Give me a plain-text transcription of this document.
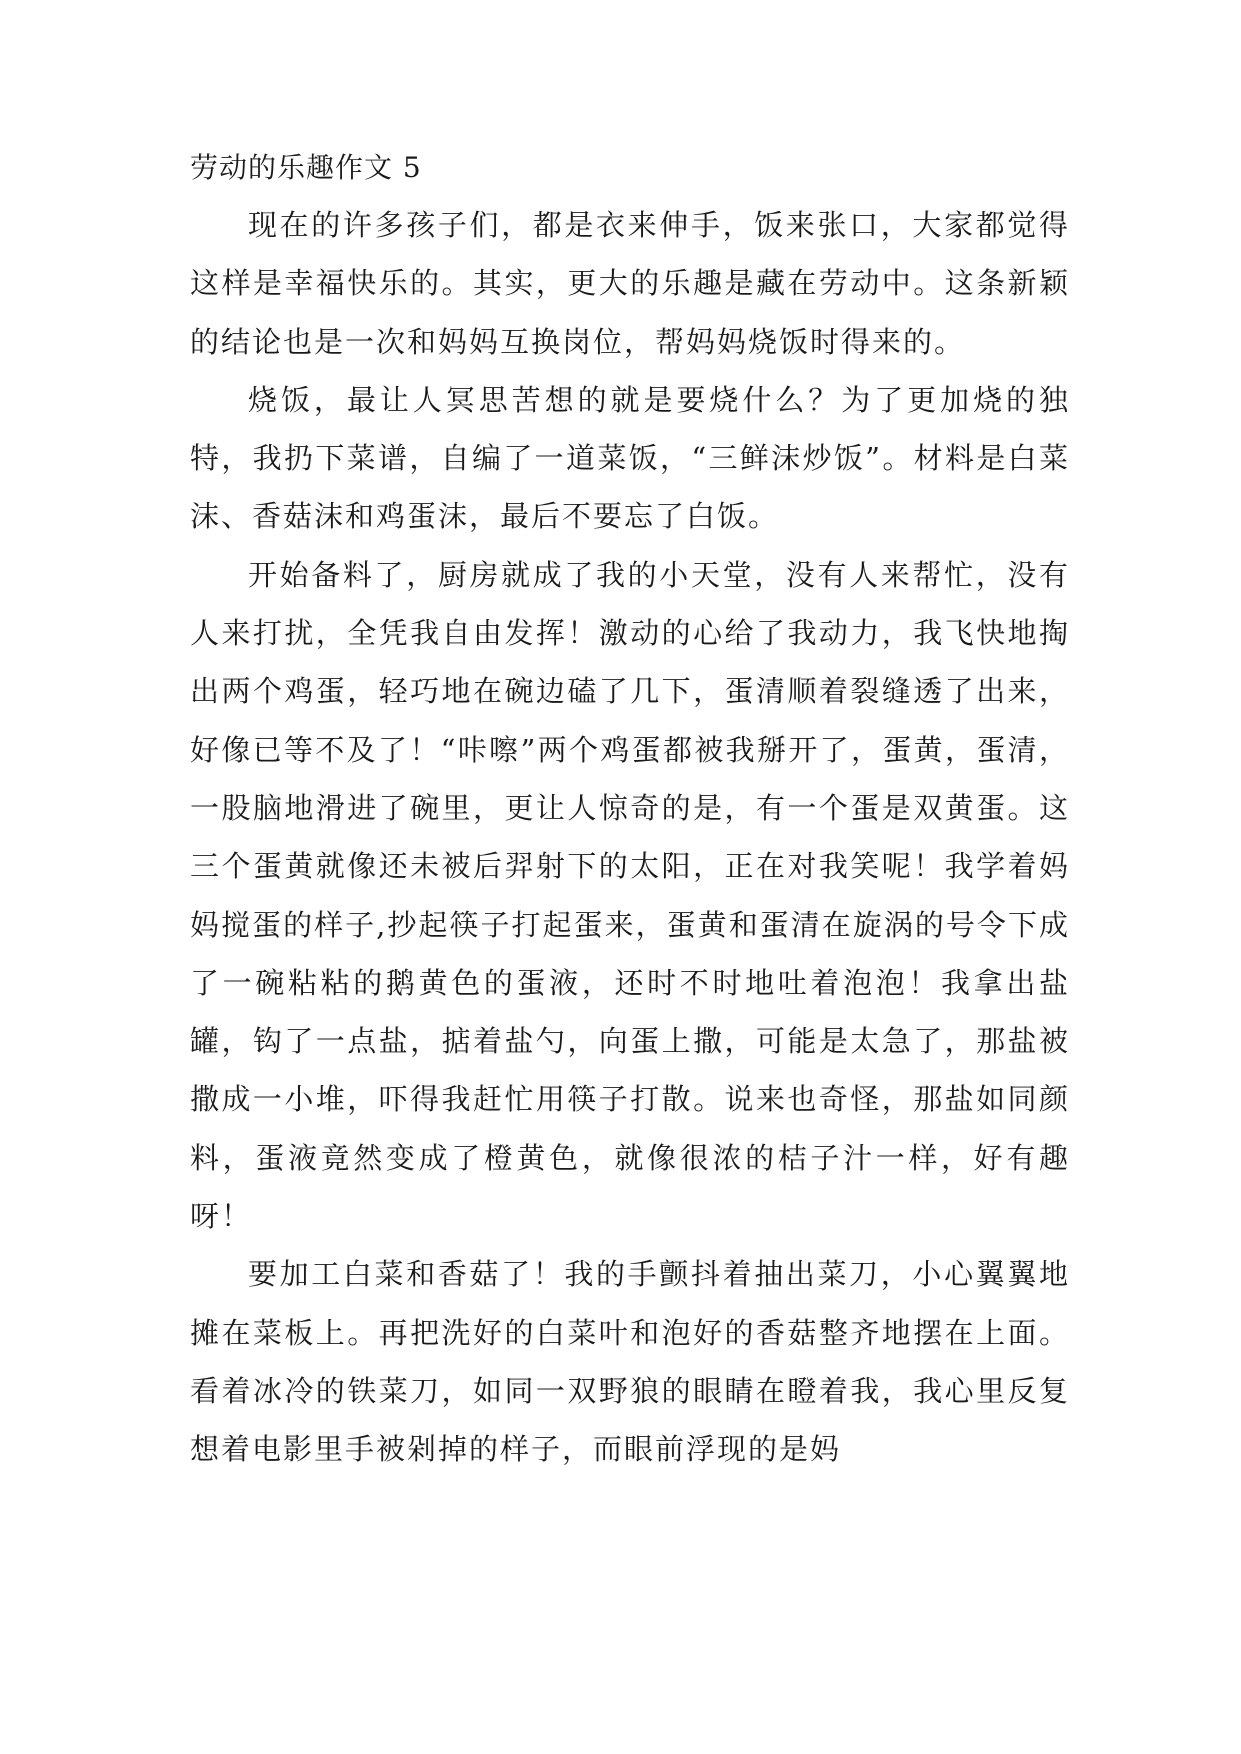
劳动的乐趣作文 5

现在的许多孩子们，都是衣来伸手，饭来张口，大家都觉得这样是幸福快乐的。其实，更大的乐趣是藏在劳动中。这条新颖的结论也是一次和妈妈互换岗位，帮妈妈烧饭时得来的。

烧饭，最让人冥思苦想的就是要烧什么？为了更加烧的独特，我扔下菜谱，自编了一道菜饭，“三鲜沫炒饭”。材料是白菜沫、香菇沫和鸡蛋沫，最后不要忘了白饭。

开始备料了，厨房就成了我的小天堂，没有人来帮忙，没有人来打扰，全凭我自由发挥！激动的心给了我动力，我飞快地掏出两个鸡蛋，轻巧地在碗边磕了几下，蛋清顺着裂缝透了出来，好像已等不及了！“咔嚓”两个鸡蛋都被我掰开了，蛋黄，蛋清，一股脑地滑进了碗里，更让人惊奇的是，有一个蛋是双黄蛋。这三个蛋黄就像还未被后羿射下的太阳，正在对我笑呢！我学着妈妈搅蛋的样子,抄起筷子打起蛋来，蛋黄和蛋清在旋涡的号令下成了一碗粘粘的鹅黄色的蛋液，还时不时地吐着泡泡！我拿出盐罐，钩了一点盐，掂着盐勺，向蛋上撒，可能是太急了，那盐被撒成一小堆，吓得我赶忙用筷子打散。说来也奇怪，那盐如同颜料，蛋液竟然变成了橙黄色，就像很浓的桔子汁一样，好有趣呀！

要加工白菜和香菇了！我的手颤抖着抽出菜刀，小心翼翼地摊在菜板上。再把洗好的白菜叶和泡好的香菇整齐地摆在上面。看着冰冷的铁菜刀，如同一双野狼的眼睛在瞪着我，我心里反复想着电影里手被剁掉的样子，而眼前浮现的是妈
